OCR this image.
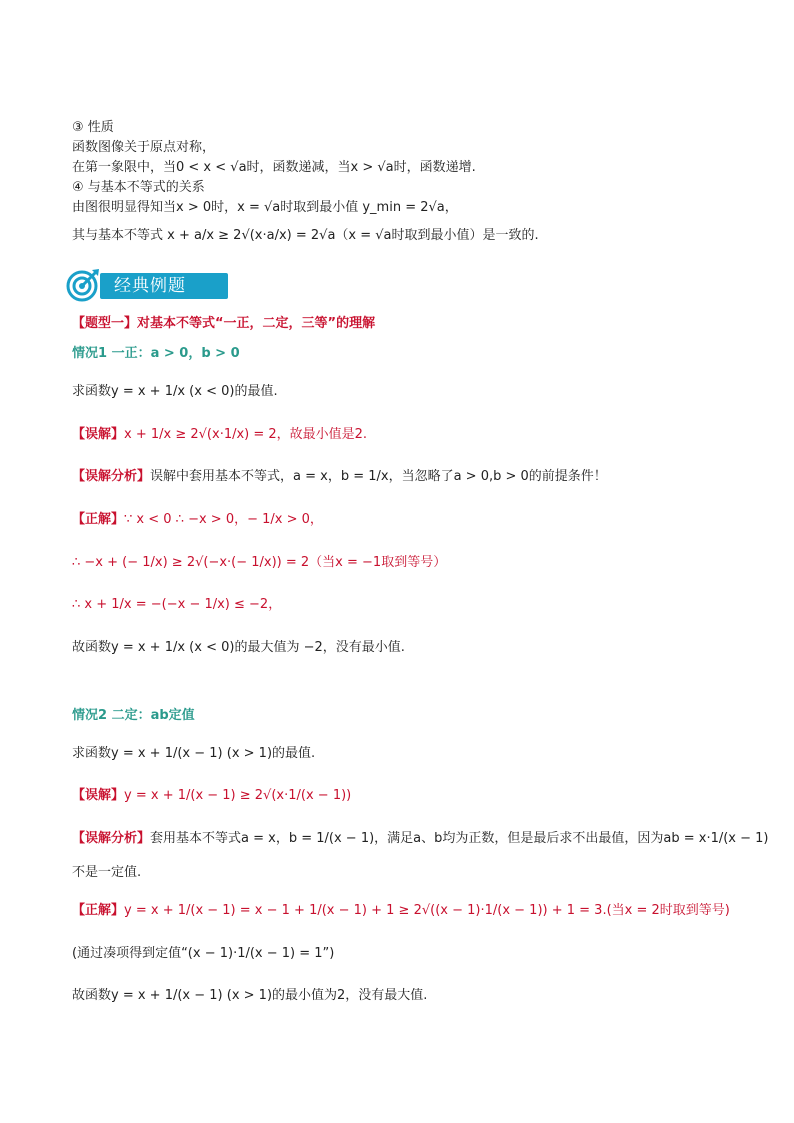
③ 性质
函数图像关于原点对称，
在第一象限中，当0 < x < √a时，函数递减，当x > √a时，函数递增.
④ 与基本不等式的关系
由图很明显得知当x > 0时，x = √a时取到最小值 y_min = 2√a，
其与基本不等式 x + a/x ≥ 2√(x·a/x) = 2√a（x = √a时取到最小值）是一致的.
经典例题
【题型一】对基本不等式“一正，二定，三等”的理解
情况1 一正：a > 0，b > 0
求函数y = x + 1/x (x < 0)的最值.
【误解】x + 1/x ≥ 2√(x·1/x) = 2，故最小值是2.
【误解分析】误解中套用基本不等式，a = x，b = 1/x，当忽略了a > 0,b > 0的前提条件！
【正解】∵ x < 0 ∴ −x > 0，− 1/x > 0，
∴ −x + (− 1/x) ≥ 2√(−x·(− 1/x)) = 2（当x = −1取到等号）
∴ x + 1/x = −(−x − 1/x) ≤ −2，
故函数y = x + 1/x (x < 0)的最大值为 −2，没有最小值.
情况2 二定：ab定值
求函数y = x + 1/(x − 1) (x > 1)的最值.
【误解】y = x + 1/(x − 1) ≥ 2√(x·1/(x − 1))
【误解分析】套用基本不等式a = x，b = 1/(x − 1)，满足a、b均为正数，但是最后求不出最值，因为ab = x·1/(x − 1)
不是一定值.
【正解】y = x + 1/(x − 1) = x − 1 + 1/(x − 1) + 1 ≥ 2√((x − 1)·1/(x − 1)) + 1 = 3.(当x = 2时取到等号)
(通过凑项得到定值“(x − 1)·1/(x − 1) = 1”)
故函数y = x + 1/(x − 1) (x > 1)的最小值为2，没有最大值.
